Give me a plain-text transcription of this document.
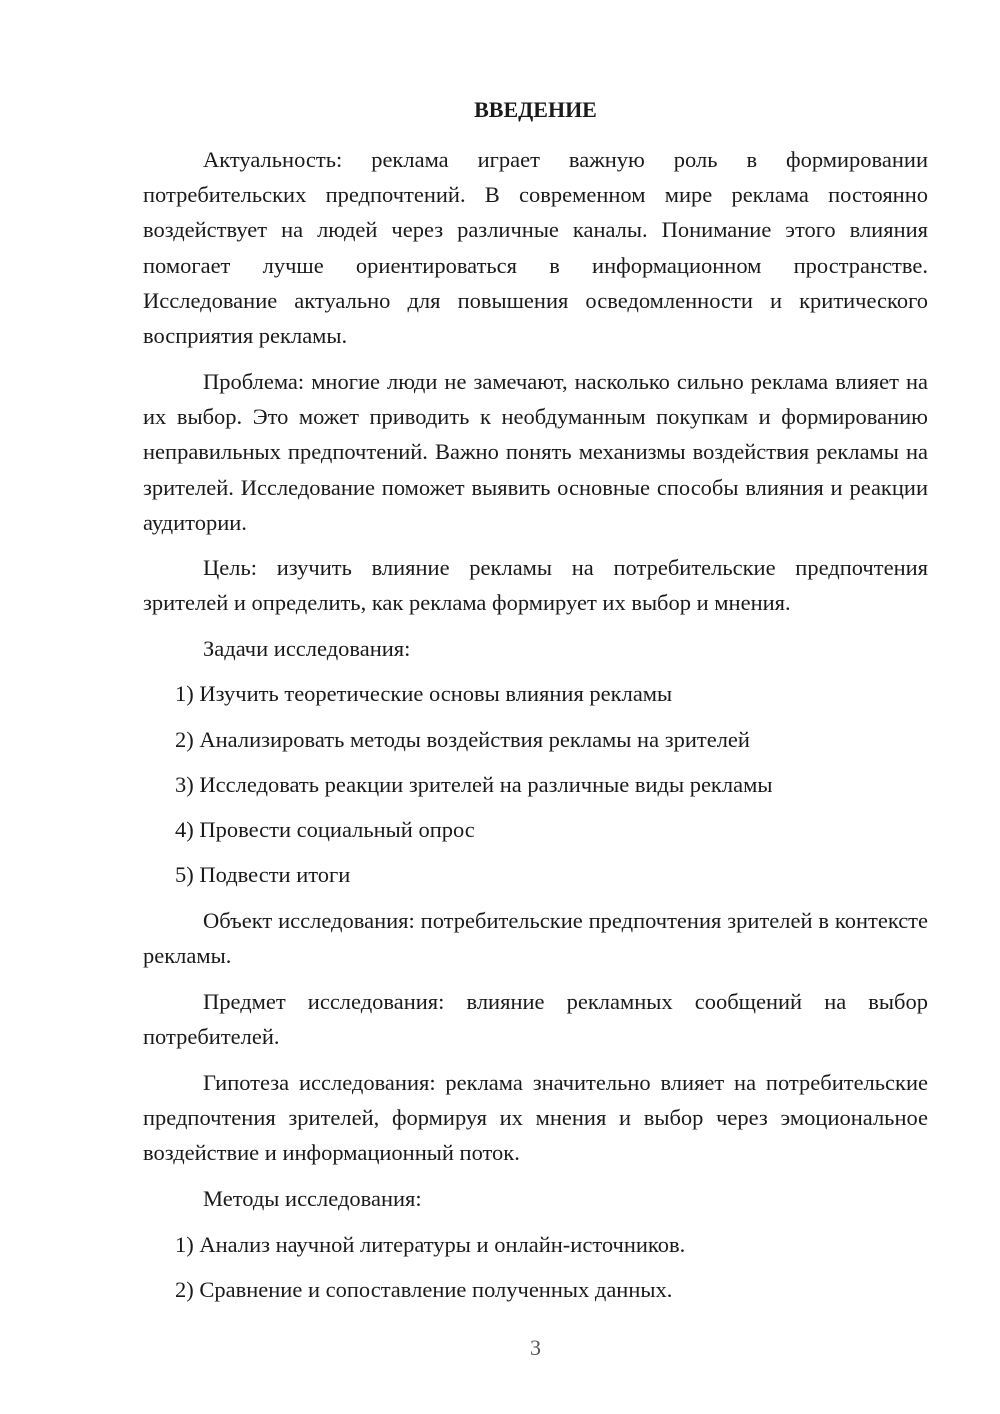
ВВЕДЕНИЕ

Актуальность: реклама играет важную роль в формировании потребительских предпочтений. В современном мире реклама постоянно воздействует на людей через различные каналы. Понимание этого влияния помогает лучше ориентироваться в информационном пространстве. Исследование актуально для повышения осведомленности и критического восприятия рекламы.

Проблема: многие люди не замечают, насколько сильно реклама влияет на их выбор. Это может приводить к необдуманным покупкам и формированию неправильных предпочтений. Важно понять механизмы воздействия рекламы на зрителей. Исследование поможет выявить основные способы влияния и реакции аудитории.

Цель: изучить влияние рекламы на потребительские предпочтения зрителей и определить, как реклама формирует их выбор и мнения.

Задачи исследования:

1) Изучить теоретические основы влияния рекламы
2) Анализировать методы воздействия рекламы на зрителей
3) Исследовать реакции зрителей на различные виды рекламы
4) Провести социальный опрос
5) Подвести итоги

Объект исследования: потребительские предпочтения зрителей в контексте рекламы.

Предмет исследования: влияние рекламных сообщений на выбор потребителей.

Гипотеза исследования: реклама значительно влияет на потребительские предпочтения зрителей, формируя их мнения и выбор через эмоциональное воздействие и информационный поток.

Методы исследования:

1) Анализ научной литературы и онлайн-источников.
2) Сравнение и сопоставление полученных данных.
3
